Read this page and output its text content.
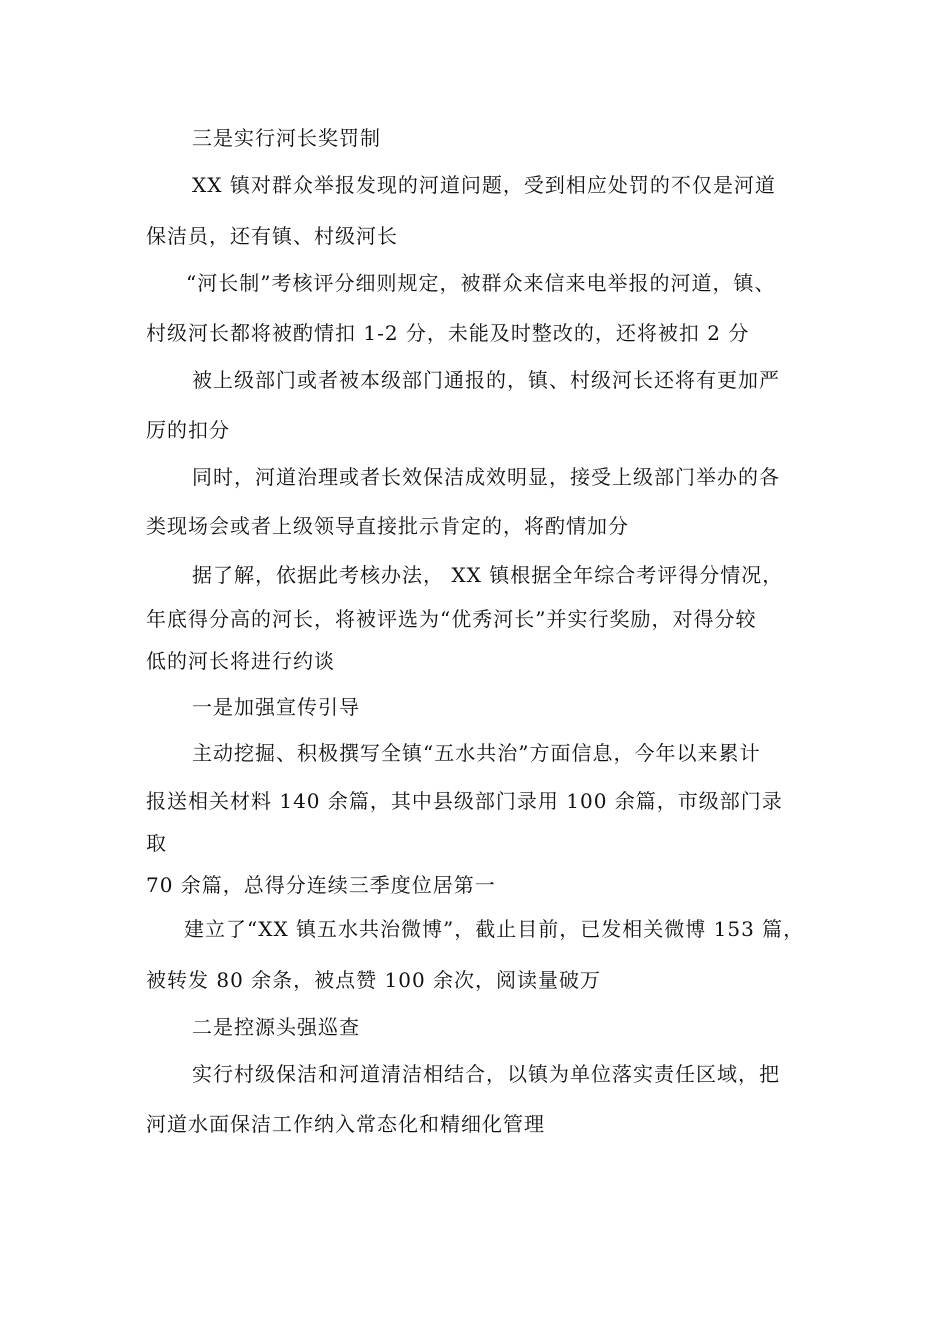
三是实行河长奖罚制

XX 镇对群众举报发现的河道问题，受到相应处罚的不仅是河道

保洁员，还有镇、村级河长

“河长制”考核评分细则规定，被群众来信来电举报的河道，镇、

村级河长都将被酌情扣 1-2 分，未能及时整改的，还将被扣 2 分

被上级部门或者被本级部门通报的，镇、村级河长还将有更加严

厉的扣分

同时，河道治理或者长效保洁成效明显，接受上级部门举办的各

类现场会或者上级领导直接批示肯定的，将酌情加分

据了解，依据此考核办法， XX 镇根据全年综合考评得分情况，

年底得分高的河长，将被评选为“优秀河长”并实行奖励，对得分较

低的河长将进行约谈

一是加强宣传引导

主动挖掘、积极撰写全镇“五水共治”方面信息，今年以来累计

报送相关材料 140 余篇，其中县级部门录用 100 余篇，市级部门录

取

70 余篇，总得分连续三季度位居第一

建立了“XX 镇五水共治微博”，截止目前，已发相关微博 153 篇，

被转发 80 余条，被点赞 100 余次，阅读量破万

二是控源头强巡查

实行村级保洁和河道清洁相结合，以镇为单位落实责任区域，把

河道水面保洁工作纳入常态化和精细化管理
